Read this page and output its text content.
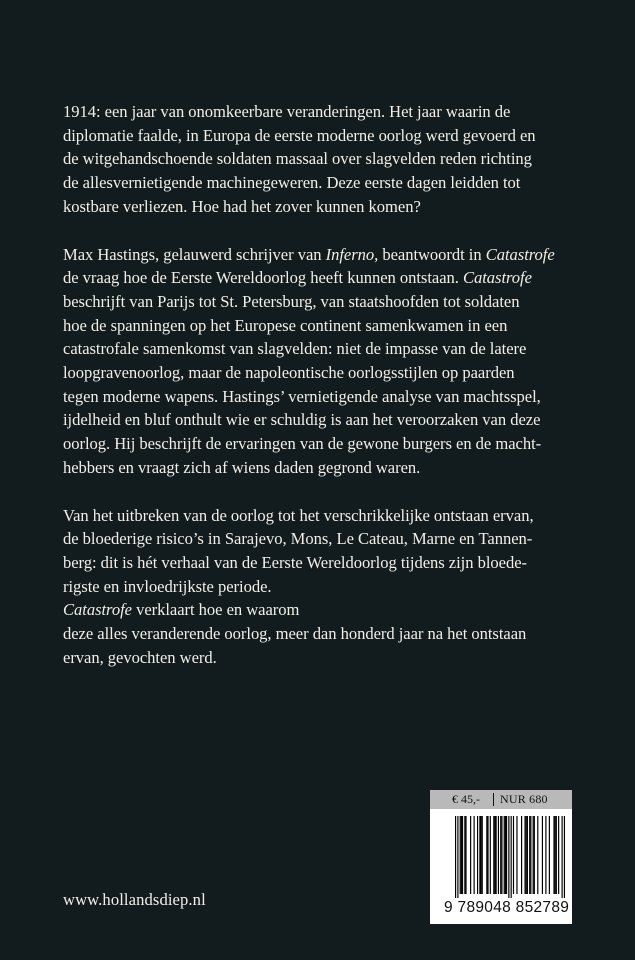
1914: een jaar van onomkeerbare veranderingen. Het jaar waarin de
diplomatie faalde, in Europa de eerste moderne oorlog werd gevoerd en
de witgehandschoende soldaten massaal over slagvelden reden richting
de allesvernietigende machinegeweren. Deze eerste dagen leidden tot
kostbare verliezen. Hoe had het zover kunnen komen?

Max Hastings, gelauwerd schrijver van Inferno, beantwoordt in Catastrofe
de vraag hoe de Eerste Wereldoorlog heeft kunnen ontstaan. Catastrofe
beschrijft van Parijs tot St. Petersburg, van staatshoofden tot soldaten
hoe de spanningen op het Europese continent samenkwamen in een
catastrofale samenkomst van slagvelden: niet de impasse van de latere
loopgravenoorlog, maar de napoleontische oorlogsstijlen op paarden
tegen moderne wapens. Hastings’ vernietigende analyse van machtsspel,
ijdelheid en bluf onthult wie er schuldig is aan het veroorzaken van deze
oorlog. Hij beschrijft de ervaringen van de gewone burgers en de macht-
hebbers en vraagt zich af wiens daden gegrond waren.

Van het uitbreken van de oorlog tot het verschrikkelijke ontstaan ervan,
de bloederige risico’s in Sarajevo, Mons, Le Cateau, Marne en Tannen-
berg: dit is hét verhaal van de Eerste Wereldoorlog tijdens zijn bloede-
rigste en invloedrijkste periode.
Catastrofe verklaart hoe en waarom
deze alles veranderende oorlog, meer dan honderd jaar na het ontstaan
ervan, gevochten werd.

€ 45,- NUR 680
9 789048 852789
www.hollandsdiep.nl
